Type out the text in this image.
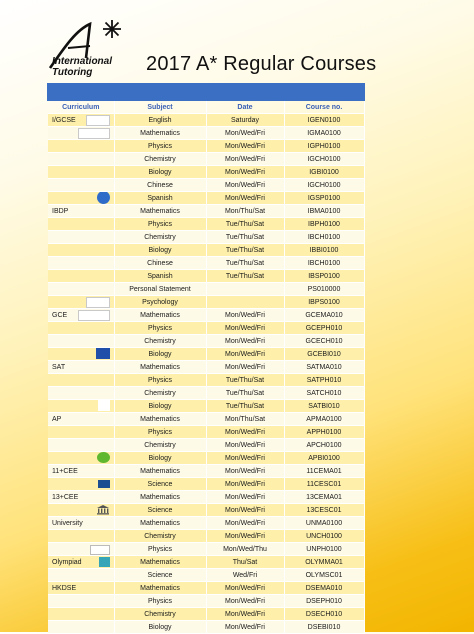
International
Tutoring	2017 A* Regular Courses
Curriculum	Subject	Date	Course no.
I/GCSE	English	Saturday	IGEN0100

	Mathematics	Mon/Wed/Fri	IGMA0100
	Physics	Mon/Wed/Fri	IGPH0100
	Chemistry	Mon/Wed/Fri	IGCH0100
	Biology	Mon/Wed/Fri	IGBI0100
	Chinese	Mon/Wed/Fri	IGCH0100

	Spanish	Mon/Wed/Fri	IGSP0100
IBDP	Mathematics	Mon/Thu/Sat	IBMA0100
	Physics	Tue/Thu/Sat	IBPH0100
	Chemistry	Tue/Thu/Sat	IBCH0100
	Biology	Tue/Thu/Sat	IBBI0100
	Chinese	Tue/Thu/Sat	IBCH0100
	Spanish	Tue/Thu/Sat	IBSP0100
	Personal Statement		PS010000

	Psychology		IBPS0100
GCE	Mathematics	Mon/Wed/Fri	GCEMA010
	Physics	Mon/Wed/Fri	GCEPH010
	Chemistry	Mon/Wed/Fri	GCECH010

	Biology	Mon/Wed/Fri	GCEBI010
SAT	Mathematics	Mon/Wed/Fri	SATMA010
	Physics	Tue/Thu/Sat	SATPH010
	Chemistry	Tue/Thu/Sat	SATCH010

	Biology	Tue/Thu/Sat	SATBI010
AP	Mathematics	Mon/Thu/Sat	APMA0100
	Physics	Mon/Wed/Fri	APPH0100
	Chemistry	Mon/Wed/Fri	APCH0100

	Biology	Mon/Wed/Fri	APBI0100
11+CEE	Mathematics	Mon/Wed/Fri	11CEMA01

	Science	Mon/Wed/Fri	11CESC01
13+CEE	Mathematics	Mon/Wed/Fri	13CEMA01

	Science	Mon/Wed/Fri	13CESC01
University	Mathematics	Mon/Wed/Fri	UNMA0100
	Chemistry	Mon/Wed/Fri	UNCH0100

	Physics	Mon/Wed/Thu	UNPH0100
Olympiad	Mathematics	Thu/Sat	OLYMMA01
	Science	Wed/Fri	OLYMSC01
HKDSE	Mathematics	Mon/Wed/Fri	DSEMA010
	Physics	Mon/Wed/Fri	DSEPH010
	Chemistry	Mon/Wed/Fri	DSECH010
	Biology	Mon/Wed/Fri	DSEBI010
